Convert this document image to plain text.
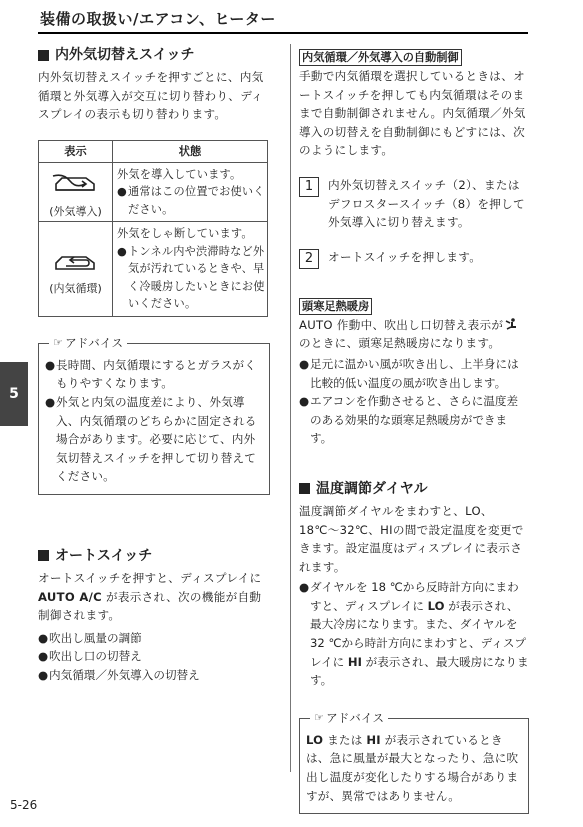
装備の取扱い/エアコン、ヒーター
5
内外気切替えスイッチ

内外気切替えスイッチを押すごとに、内気循環と外気導入が交互に切り替わり、ディスプレイの表示も切り替わります。

表示	状態

(外気導入)	外気を導入しています。
● 通常はこの位置でお使いください。

(内気循環)	外気をしゃ断しています。
● トンネル内や渋滞時など外気が汚れているときや、早く冷暖房したいときにお使いください。
☞ アドバイス
● 長時間、内気循環にするとガラスがくもりやすくなります。
● 外気と内気の温度差により、外気導入、内気循環のどちらかに固定される場合があります。必要に応じて、内外気切替えスイッチを押して切り替えてください。
オートスイッチ

オートスイッチを押すと、ディスプレイに AUTO A/C が表示され、次の機能が自動制御されます。

● 吹出し風量の調節
● 吹出し口の切替え
● 内気循環／外気導入の切替え
内気循環／外気導入の自動制御

手動で内気循環を選択しているときは、オートスイッチを押しても内気循環はそのままで自動制御されません。内気循環／外気導入の切替えを自動制御にもどすには、次のようにします。

1	内外気切替えスイッチ（2）、またはデフロスタースイッチ（8）を押して外気導入に切り替えます。
2	オートスイッチを押します。
頭寒足熱暖房

AUTO 作動中、吹出し口切替え表示がのときに、頭寒足熱暖房になります。

● 足元に温かい風が吹き出し、上半身には比較的低い温度の風が吹き出します。
● エアコンを作動させると、さらに温度差のある効果的な頭寒足熱暖房ができます。
温度調節ダイヤル

温度調節ダイヤルをまわすと、LO、18℃〜32℃、HIの間で設定温度を変更できます。設定温度はディスプレイに表示されます。

● ダイヤルを 18 ℃から反時計方向にまわすと、ディスプレイに LO が表示され、最大冷房になります。また、ダイヤルを 32 ℃から時計方向にまわすと、ディスプレイに HI が表示され、最大暖房になります。
☞ アドバイス

LO または HI が表示されているときは、急に風量が最大となったり、急に吹出し温度が変化したりする場合がありますが、異常ではありません。

5-26
